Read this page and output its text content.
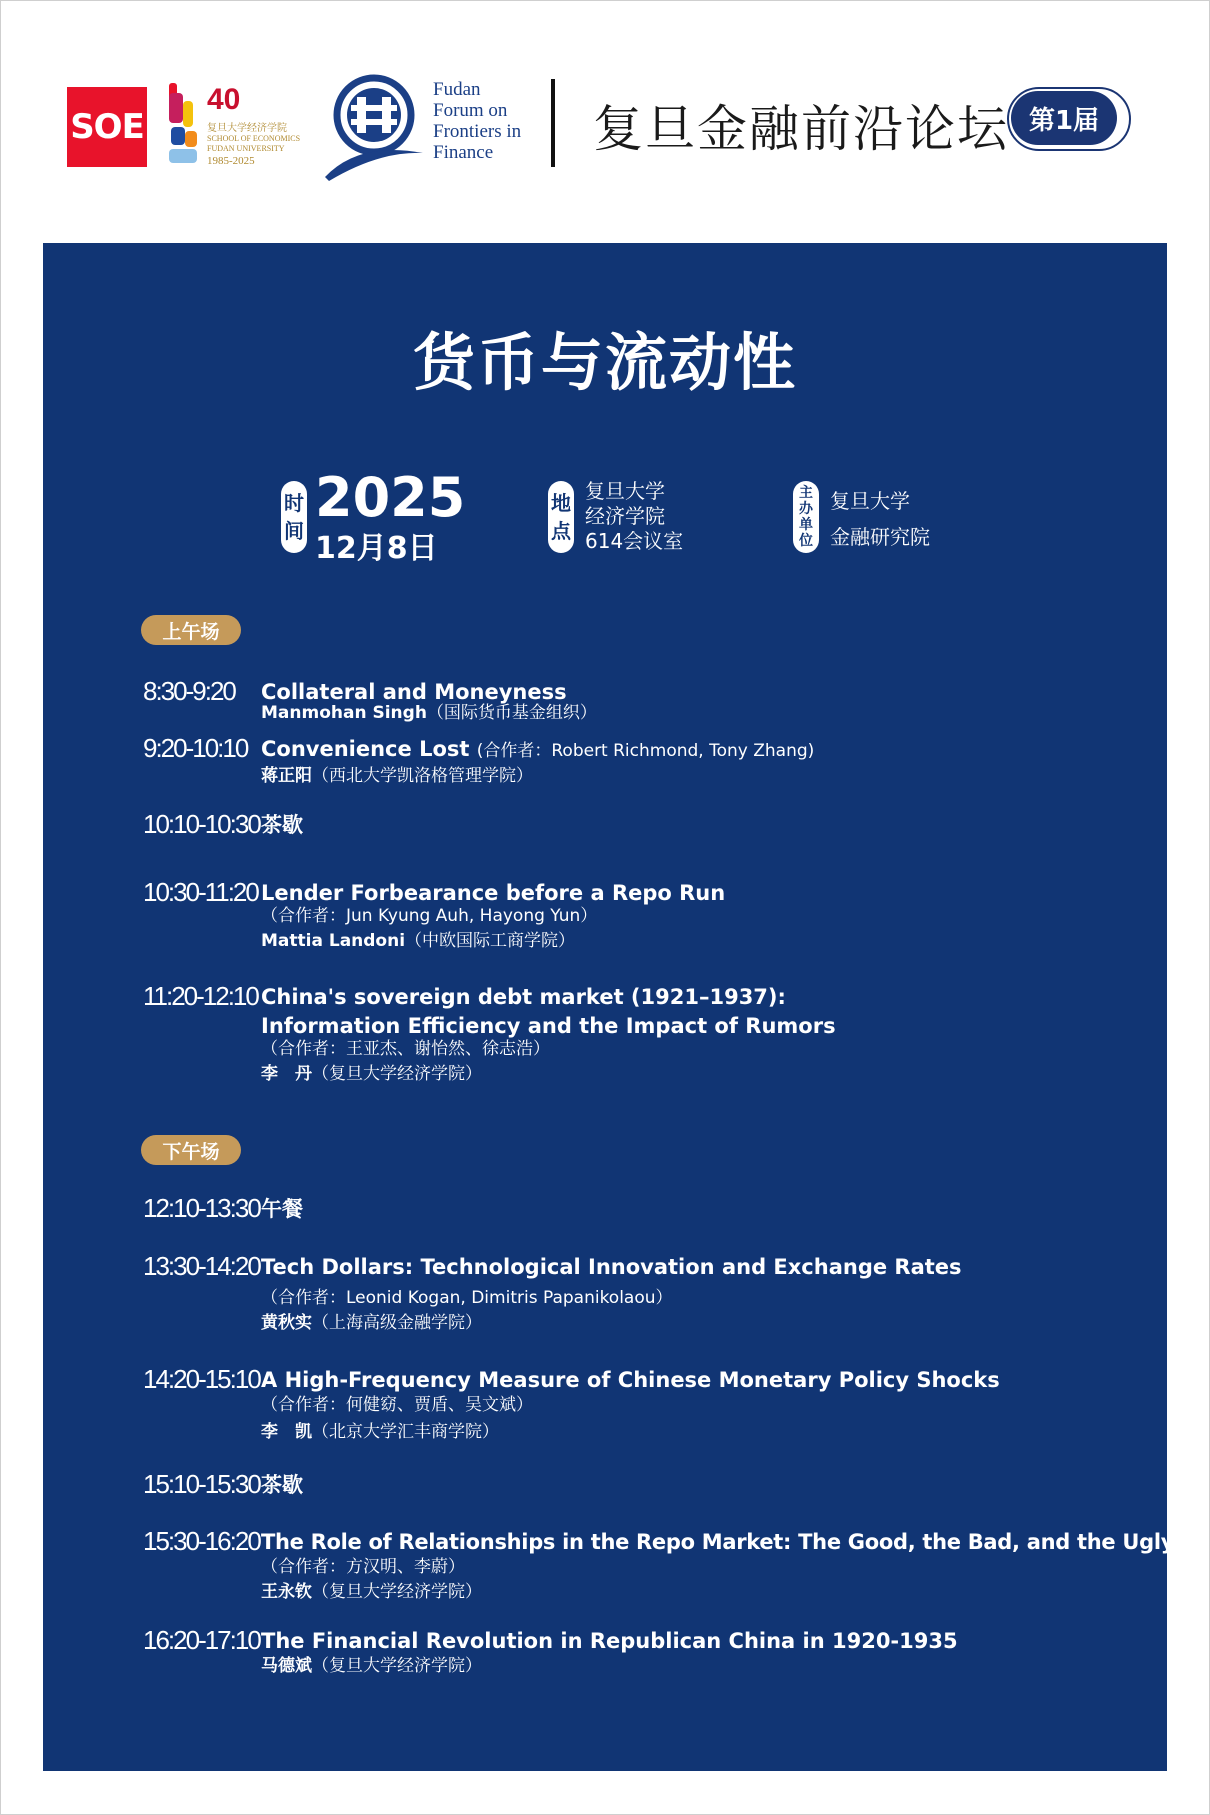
SOE
40
复旦大学经济学院
SCHOOL OF ECONOMICS
FUDAN UNIVERSITY
1985-2025
Fudan
Forum on
Frontiers in
Finance	复旦金融前沿论坛 第1届
货币与流动性
时
间
2025
12月8日
地
点
复旦大学
经济学院
614会议室
主
办
单
位
复旦大学
金融研究院
上午场
8:30-9:20 Collateral and Moneyness
Manmohan Singh（国际货币基金组织）
9:20-10:10 Convenience Lost (合作者：Robert Richmond, Tony Zhang)
蒋正阳（西北大学凯洛格管理学院）
10:10-10:30 茶歇
10:30-11:20 Lender Forbearance before a Repo Run
（合作者：Jun Kyung Auh, Hayong Yun）
Mattia Landoni（中欧国际工商学院）
11:20-12:10 China's sovereign debt market (1921–1937):
Information Efficiency and the Impact of Rumors
（合作者：王亚杰、谢怡然、徐志浩）
李　丹（复旦大学经济学院）
下午场
12:10-13:30 午餐
13:30-14:20 Tech Dollars: Technological Innovation and Exchange Rates
（合作者：Leonid Kogan, Dimitris Papanikolaou）
黄秋实（上海高级金融学院）
14:20-15:10 A High-Frequency Measure of Chinese Monetary Policy Shocks
（合作者：何健窈、贾盾、吴文斌）
李　凯（北京大学汇丰商学院）
15:10-15:30 茶歇
15:30-16:20 The Role of Relationships in the Repo Market: The Good, the Bad, and the Ugly
（合作者：方汉明、李蔚）
王永钦（复旦大学经济学院）
16:20-17:10 The Financial Revolution in Republican China in 1920-1935
马德斌（复旦大学经济学院）
